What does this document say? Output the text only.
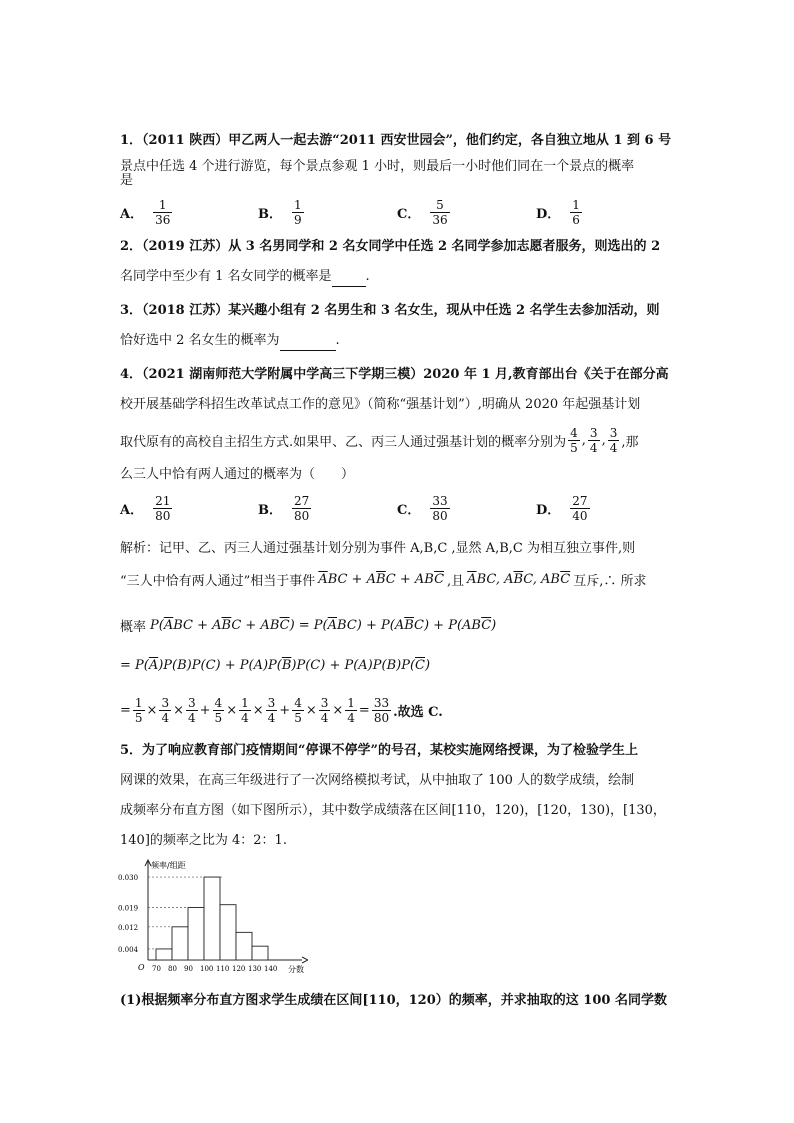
1．（2011 陕西）甲乙两人一起去游“2011 西安世园会”，他们约定，各自独立地从 1 到 6 号
景点中任选 4 个进行游览，每个景点参观 1 小时，则最后一小时他们同在一个景点的概率
是
A． $\frac{1}{36}$	B． $\frac{1}{9}$	C． $\frac{5}{36}$	D． $\frac{1}{6}$
2．（2019 江苏）从 3 名男同学和 2 名女同学中任选 2 名同学参加志愿者服务，则选出的 2
名同学中至少有 1 名女同学的概率是	.
3．（2018 江苏）某兴趣小组有 2 名男生和 3 名女生，现从中任选 2 名学生去参加活动，则
恰好选中 2 名女生的概率为	.
4．（2021 湖南师范大学附属中学高三下学期三模）2020 年 1 月,教育部出台《关于在部分高
校开展基础学科招生改革试点工作的意见》（简称“强基计划”）,明确从 2020 年起强基计划
取代原有的高校自主招生方式.如果甲、乙、丙三人通过强基计划的概率分别为 $\frac{4}{5}$ , $\frac{3}{4}$ , $\frac{3}{4}$ ,那
么三人中恰有两人通过的概率为（　　）
A． $\frac{21}{80}$	B． $\frac{27}{80}$	C． $\frac{33}{80}$	D． $\frac{27}{40}$
解析：记甲、乙、丙三人通过强基计划分别为事件 A,B,C ,显然 A,B,C 为相互独立事件,则
“三人中恰有两人通过”相当于事件 $\overline{A}BC + A\overline{B}C + AB\overline{C}$ ,且 $\overline{A}BC$, $A\overline{B}C$, $AB\overline{C}$ 互斥,∴ 所求
概率 $P(\overline{A}BC + A\overline{B}C + AB\overline{C}) = P(\overline{A}BC) + P(A\overline{B}C) + P(AB\overline{C})$
= $P(\overline{A})P(B)P(C) + P(A)P(\overline{B})P(C) + P(A)P(B)P(\overline{C})$
= $\frac{1}{5} \times \frac{3}{4} \times \frac{3}{4} + \frac{4}{5} \times \frac{1}{4} \times \frac{3}{4} + \frac{4}{5} \times \frac{3}{4} \times \frac{1}{4} = \frac{33}{80}$ .故选 C.
5．为了响应教育部门疫情期间“停课不停学”的号召，某校实施网络授课，为了检验学生上
网课的效果，在高三年级进行了一次网络模拟考试，从中抽取了 100 人的数学成绩，绘制
成频率分布直方图（如下图所示），其中数学成绩落在区间[110，120)，[120，130)，[130，
140]的频率之比为 4：2：1.
频率/组距
分数
O
0.004
0.012
0.019
0.030
70 80 90 100 110 120 130 140
(1)根据频率分布直方图求学生成绩在区间[110，120）的频率，并求抽取的这 100 名同学数
